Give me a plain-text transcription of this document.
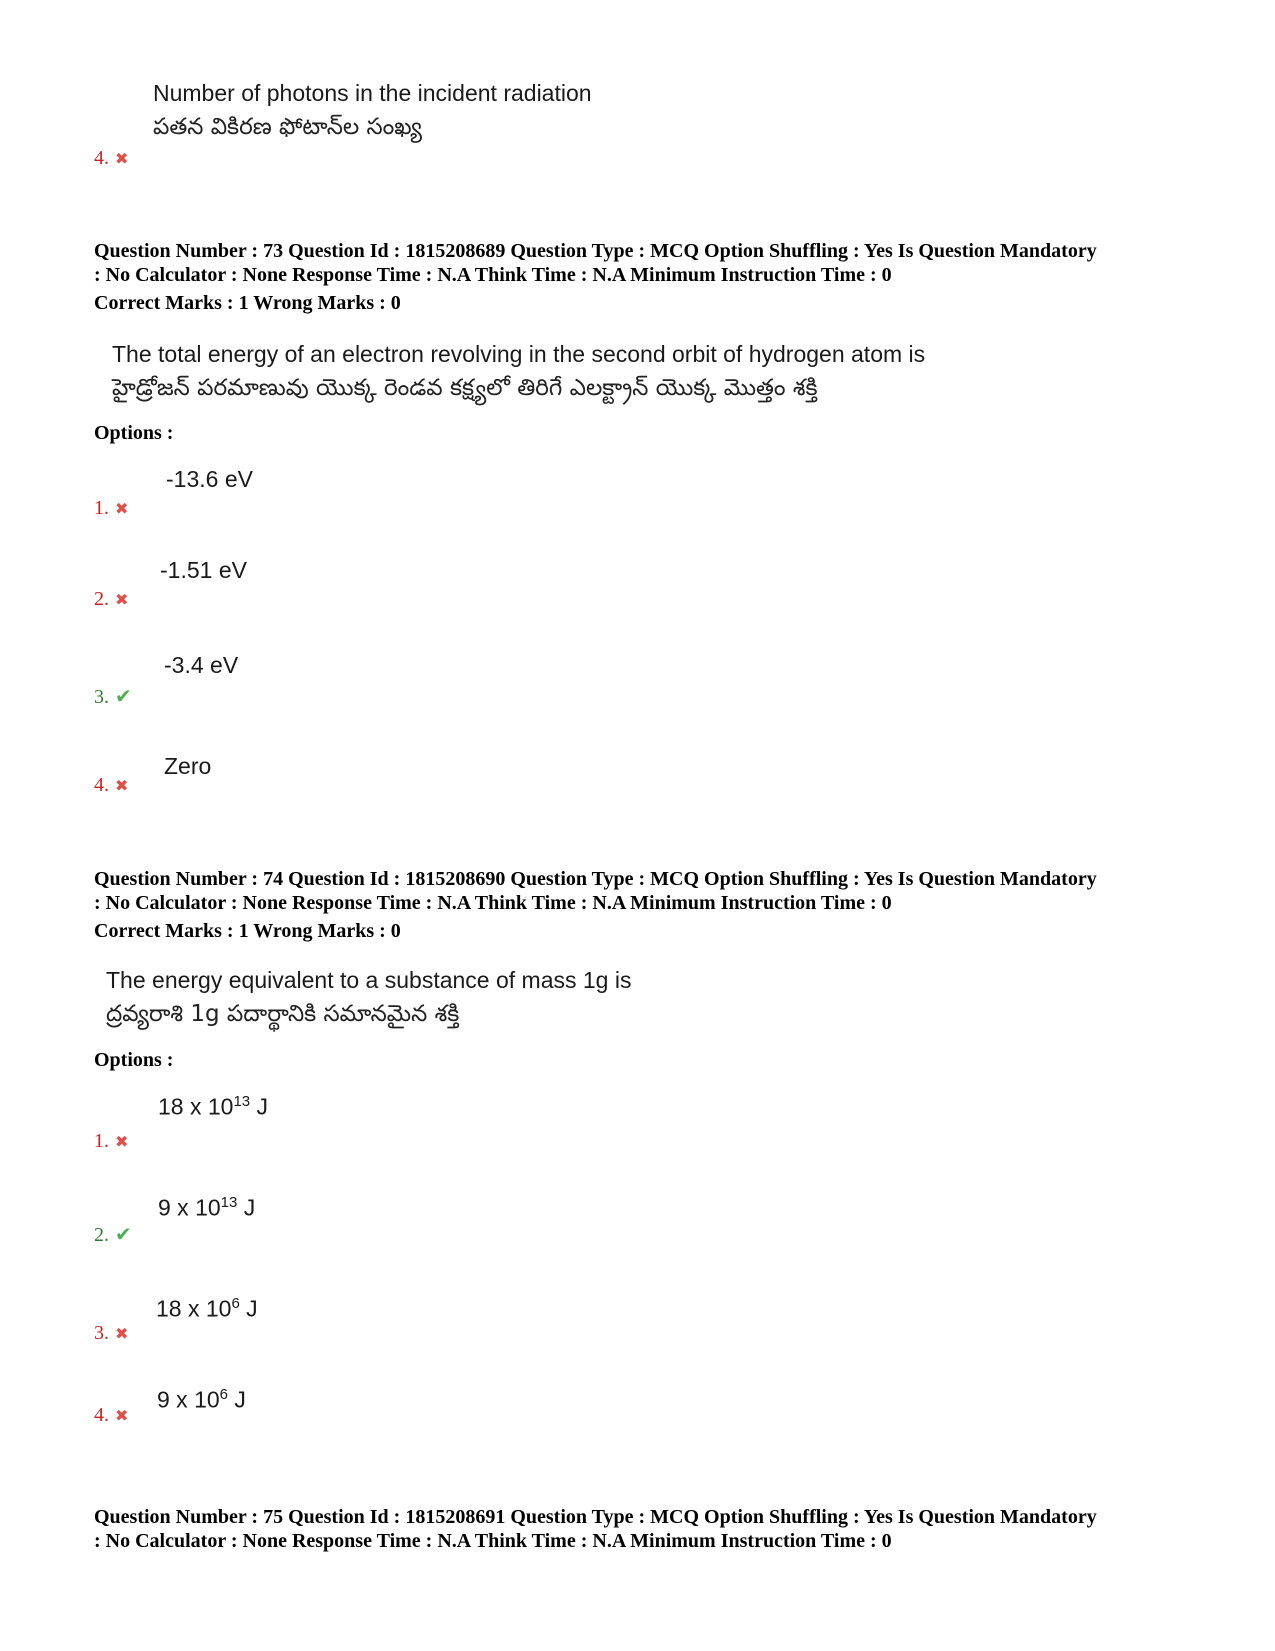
Number of photons in the incident radiation
పతన వికిరణ ఫోటాన్‌ల సంఖ్య
4. ✖
Question Number : 73 Question Id : 1815208689 Question Type : MCQ Option Shuffling : Yes Is Question Mandatory
: No Calculator : None Response Time : N.A Think Time : N.A Minimum Instruction Time : 0
Correct Marks : 1 Wrong Marks : 0
The total energy of an electron revolving in the second orbit of hydrogen atom is
హైడ్రోజన్ పరమాణువు యొక్క రెండవ కక్ష్యలో తిరిగే ఎలక్ట్రాన్ యొక్క మొత్తం శక్తి
Options :
-13.6 eV
1. ✖
-1.51 eV
2. ✖
-3.4 eV
3. ✔
Zero
4. ✖
Question Number : 74 Question Id : 1815208690 Question Type : MCQ Option Shuffling : Yes Is Question Mandatory
: No Calculator : None Response Time : N.A Think Time : N.A Minimum Instruction Time : 0
Correct Marks : 1 Wrong Marks : 0
The energy equivalent to a substance of mass 1g is
ద్రవ్యరాశి 1g పదార్థానికి సమానమైన శక్తి
Options :
18 x $10^{13}$ J
1. ✖
9 x $10^{13}$ J
2. ✔
18 x $10^6$ J
3. ✖
9 x $10^6$ J
4. ✖
Question Number : 75 Question Id : 1815208691 Question Type : MCQ Option Shuffling : Yes Is Question Mandatory
: No Calculator : None Response Time : N.A Think Time : N.A Minimum Instruction Time : 0
